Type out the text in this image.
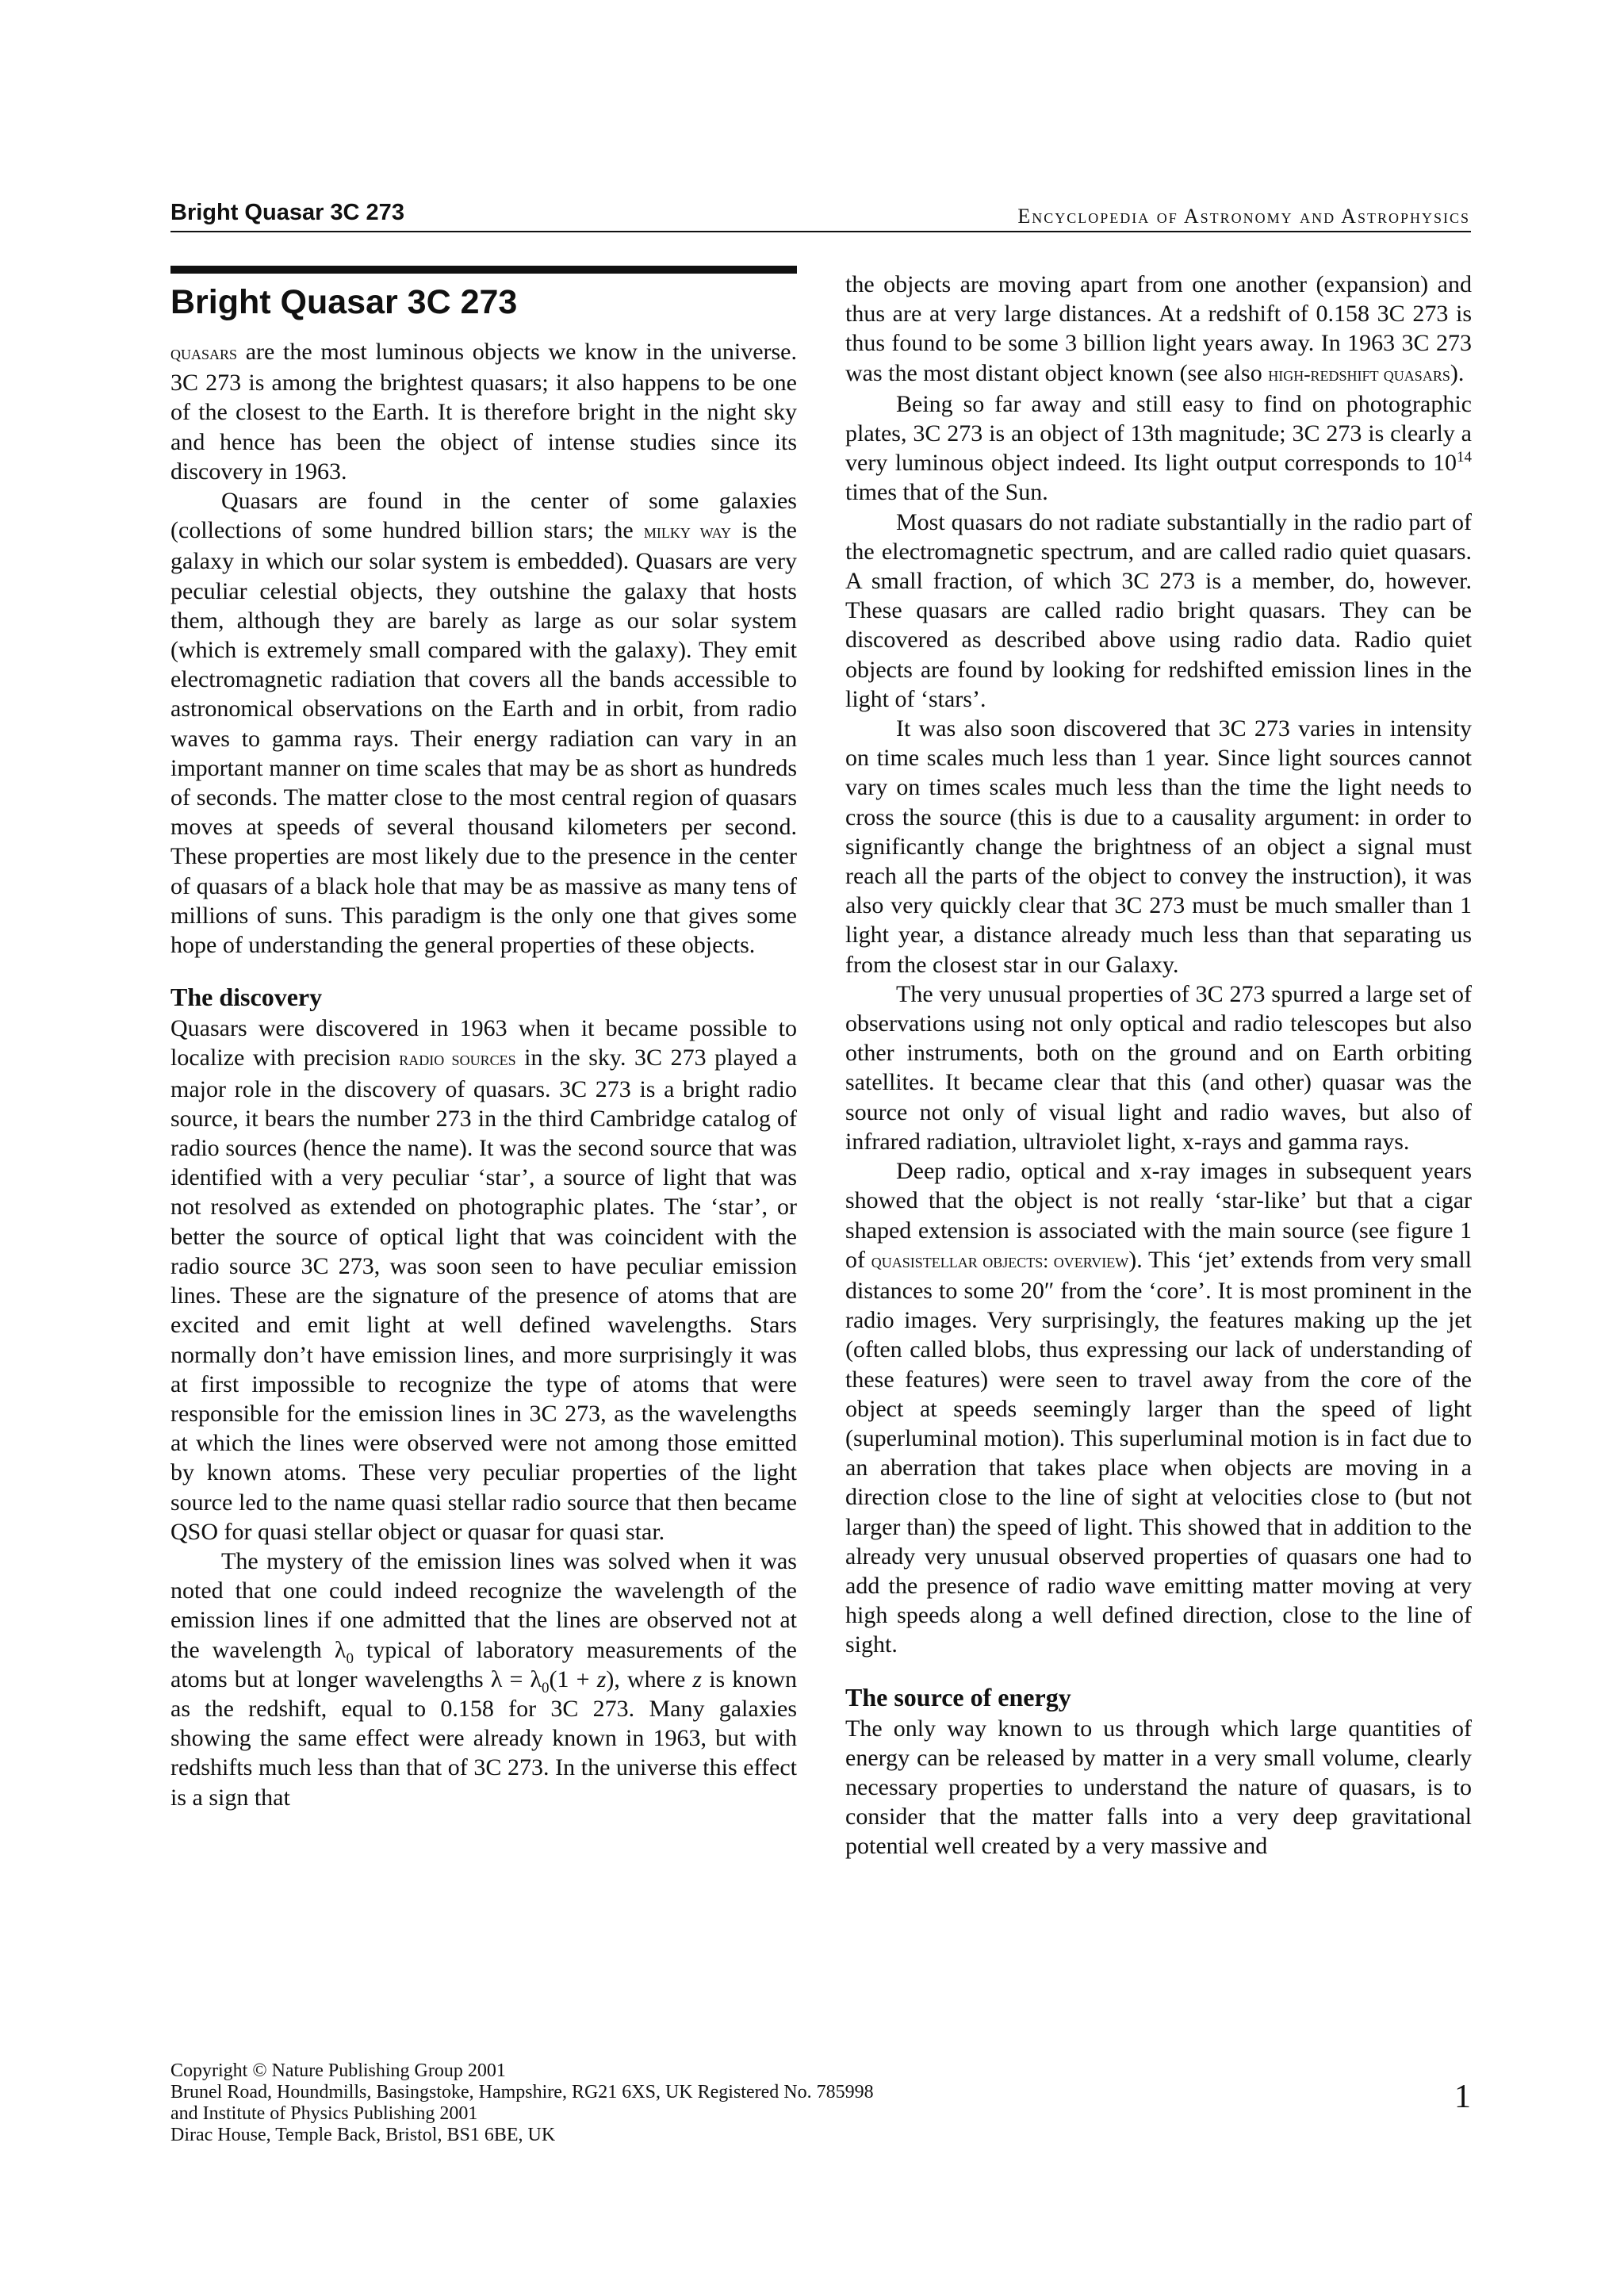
Bright Quasar 3C 273	Encyclopedia of Astronomy and Astrophysics
Bright Quasar 3C 273

quasars are the most luminous objects we know in the universe. 3C 273 is among the brightest quasars; it also happens to be one of the closest to the Earth. It is therefore bright in the night sky and hence has been the object of intense studies since its discovery in 1963.

Quasars are found in the center of some galaxies (collections of some hundred billion stars; the milky way is the galaxy in which our solar system is embedded). Quasars are very peculiar celestial objects, they outshine the galaxy that hosts them, although they are barely as large as our solar system (which is extremely small compared with the galaxy). They emit electromagnetic radiation that covers all the bands accessible to astronomical observations on the Earth and in orbit, from radio waves to gamma rays. Their energy radiation can vary in an important manner on time scales that may be as short as hundreds of seconds. The matter close to the most central region of quasars moves at speeds of several thousand kilometers per second. These properties are most likely due to the presence in the center of quasars of a black hole that may be as massive as many tens of millions of suns. This paradigm is the only one that gives some hope of understanding the general properties of these objects.

The discovery

Quasars were discovered in 1963 when it became possible to localize with precision radio sources in the sky. 3C 273 played a major role in the discovery of quasars. 3C 273 is a bright radio source, it bears the number 273 in the third Cambridge catalog of radio sources (hence the name). It was the second source that was identified with a very peculiar ‘star’, a source of light that was not resolved as extended on photographic plates. The ‘star’, or better the source of optical light that was coincident with the radio source 3C 273, was soon seen to have peculiar emission lines. These are the signature of the presence of atoms that are excited and emit light at well defined wavelengths. Stars normally don’t have emission lines, and more surprisingly it was at first impossible to recognize the type of atoms that were responsible for the emission lines in 3C 273, as the wavelengths at which the lines were observed were not among those emitted by known atoms. These very peculiar properties of the light source led to the name quasi stellar radio source that then became QSO for quasi stellar object or quasar for quasi star.

The mystery of the emission lines was solved when it was noted that one could indeed recognize the wavelength of the emission lines if one admitted that the lines are observed not at the wavelength $\lambda_0$ typical of laboratory measurements of the atoms but at longer wavelengths $\lambda = \lambda_0(1 + z)$, where z is known as the redshift, equal to 0.158 for 3C 273. Many galaxies showing the same effect were already known in 1963, but with redshifts much less than that of 3C 273. In the universe this effect is a sign that

the objects are moving apart from one another (expansion) and thus are at very large distances. At a redshift of 0.158 3C 273 is thus found to be some 3 billion light years away. In 1963 3C 273 was the most distant object known (see also high-redshift quasars).

Being so far away and still easy to find on photographic plates, 3C 273 is an object of 13th magnitude; 3C 273 is clearly a very luminous object indeed. Its light output corresponds to $10^{14}$ times that of the Sun.

Most quasars do not radiate substantially in the radio part of the electromagnetic spectrum, and are called radio quiet quasars. A small fraction, of which 3C 273 is a member, do, however. These quasars are called radio bright quasars. They can be discovered as described above using radio data. Radio quiet objects are found by looking for redshifted emission lines in the light of ‘stars’.

It was also soon discovered that 3C 273 varies in intensity on time scales much less than 1 year. Since light sources cannot vary on times scales much less than the time the light needs to cross the source (this is due to a causality argument: in order to significantly change the brightness of an object a signal must reach all the parts of the object to convey the instruction), it was also very quickly clear that 3C 273 must be much smaller than 1 light year, a distance already much less than that separating us from the closest star in our Galaxy.

The very unusual properties of 3C 273 spurred a large set of observations using not only optical and radio telescopes but also other instruments, both on the ground and on Earth orbiting satellites. It became clear that this (and other) quasar was the source not only of visual light and radio waves, but also of infrared radiation, ultraviolet light, x-rays and gamma rays.

Deep radio, optical and x-ray images in subsequent years showed that the object is not really ‘star-like’ but that a cigar shaped extension is associated with the main source (see figure 1 of quasistellar objects: overview). This ‘jet’ extends from very small distances to some 20″ from the ‘core’. It is most prominent in the radio images. Very surprisingly, the features making up the jet (often called blobs, thus expressing our lack of understanding of these features) were seen to travel away from the core of the object at speeds seemingly larger than the speed of light (superluminal motion). This superluminal motion is in fact due to an aberration that takes place when objects are moving in a direction close to the line of sight at velocities close to (but not larger than) the speed of light. This showed that in addition to the already very unusual observed properties of quasars one had to add the presence of radio wave emitting matter moving at very high speeds along a well defined direction, close to the line of sight.

The source of energy

The only way known to us through which large quantities of energy can be released by matter in a very small volume, clearly necessary properties to understand the nature of quasars, is to consider that the matter falls into a very deep gravitational potential well created by a very massive and

Copyright © Nature Publishing Group 2001
Brunel Road, Houndmills, Basingstoke, Hampshire, RG21 6XS, UK Registered No. 785998
and Institute of Physics Publishing 2001
Dirac House, Temple Back, Bristol, BS1 6BE, UK
1
